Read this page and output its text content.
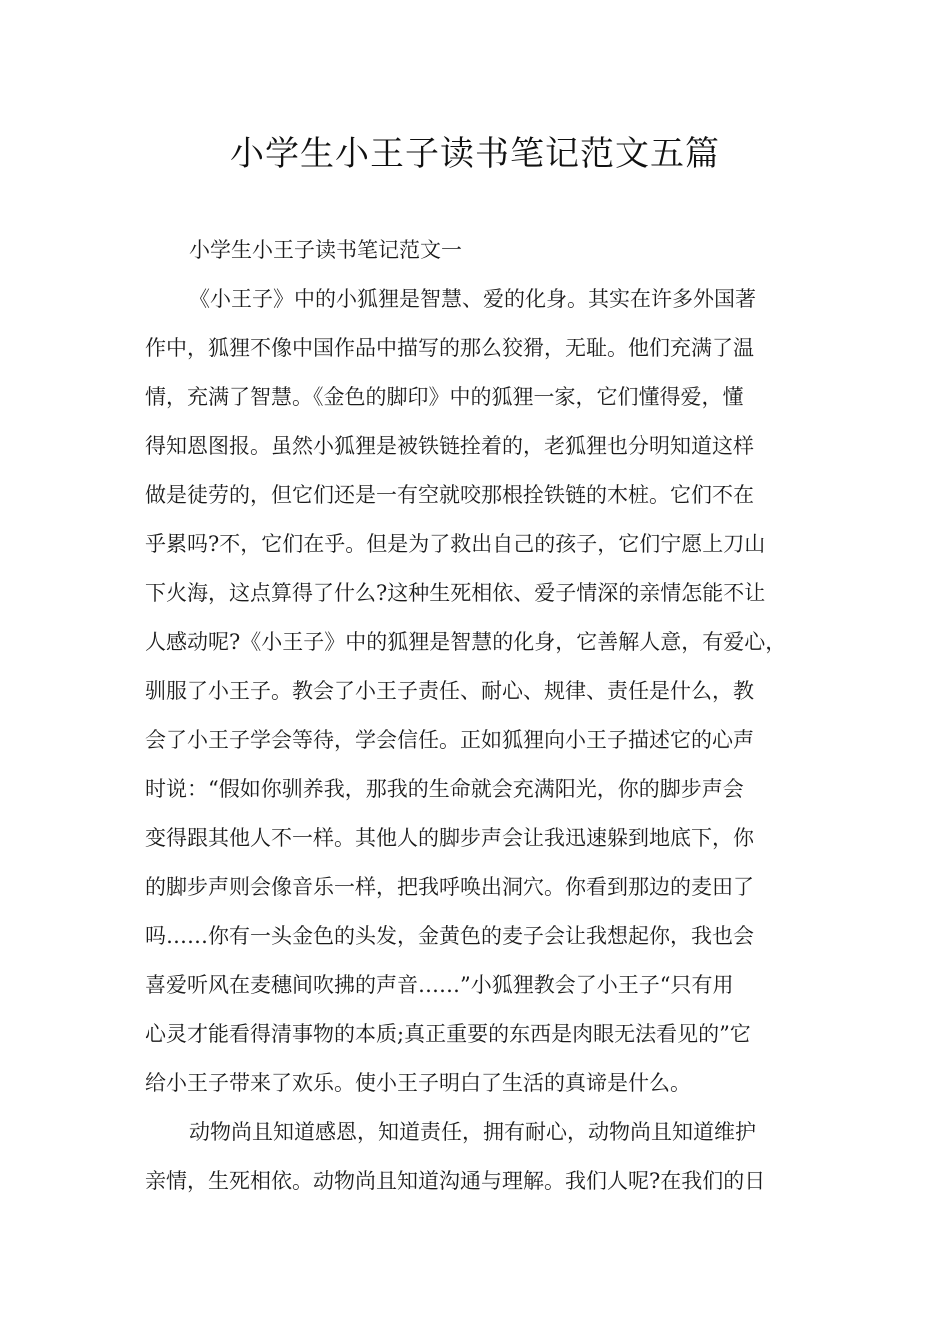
小学生小王子读书笔记范文五篇
小学生小王子读书笔记范文一
《小王子》中的小狐狸是智慧、爱的化身。其实在许多外国著
作中，狐狸不像中国作品中描写的那么狡猾，无耻。他们充满了温
情，充满了智慧。《金色的脚印》中的狐狸一家，它们懂得爱，懂
得知恩图报。虽然小狐狸是被铁链拴着的，老狐狸也分明知道这样
做是徒劳的，但它们还是一有空就咬那根拴铁链的木桩。它们不在
乎累吗?不，它们在乎。但是为了救出自己的孩子，它们宁愿上刀山
下火海，这点算得了什么?这种生死相依、爱子情深的亲情怎能不让
人感动呢?《小王子》中的狐狸是智慧的化身，它善解人意，有爱心，
驯服了小王子。教会了小王子责任、耐心、规律、责任是什么，教
会了小王子学会等待，学会信任。正如狐狸向小王子描述它的心声
时说：“假如你驯养我，那我的生命就会充满阳光，你的脚步声会
变得跟其他人不一样。其他人的脚步声会让我迅速躲到地底下，你
的脚步声则会像音乐一样，把我呼唤出洞穴。你看到那边的麦田了
吗……你有一头金色的头发，金黄色的麦子会让我想起你，我也会
喜爱听风在麦穗间吹拂的声音……”小狐狸教会了小王子“只有用
心灵才能看得清事物的本质;真正重要的东西是肉眼无法看见的”它
给小王子带来了欢乐。使小王子明白了生活的真谛是什么。
动物尚且知道感恩，知道责任，拥有耐心，动物尚且知道维护
亲情，生死相依。动物尚且知道沟通与理解。我们人呢?在我们的日
